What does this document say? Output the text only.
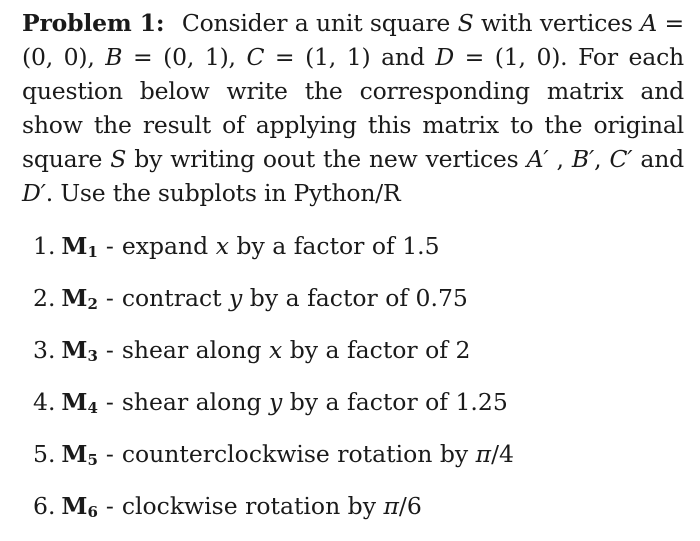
Problem 1: Consider a unit square S with vertices A = (0, 0), B = (0, 1), C = (1, 1) and D = (1, 0). For each question below write the corresponding matrix and show the result of applying this matrix to the original square S by writing oout the new vertices A′ , B′, C′ and D′. Use the subplots in Python/R

1. $M_1$ - expand x by a factor of 1.5
2. $M_2$ - contract y by a factor of 0.75
3. $M_3$ - shear along x by a factor of 2
4. $M_4$ - shear along y by a factor of 1.25
5. $M_5$ - counterclockwise rotation by π/4
6. $M_6$ - clockwise rotation by π/6
